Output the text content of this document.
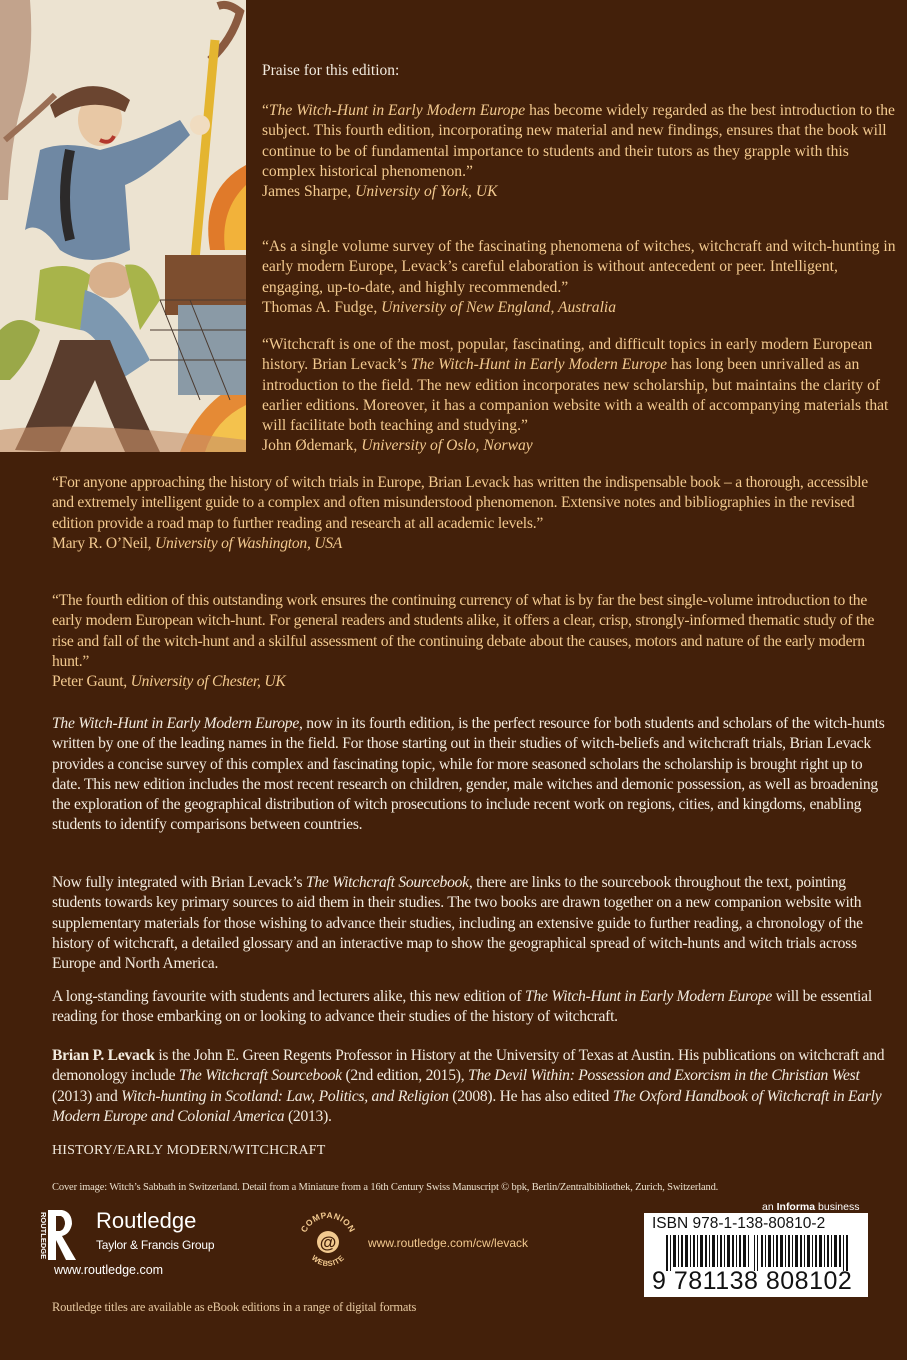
Praise for this edition:
“The Witch-Hunt in Early Modern Europe has become widely regarded as the best introduction to the subject. This fourth edition, incorporating new material and new findings, ensures that the book will continue to be of fundamental importance to students and their tutors as they grapple with this complex historical phenomenon.”
James Sharpe, University of York, UK
“As a single volume survey of the fascinating phenomena of witches, witchcraft and witch-hunting in early modern Europe, Levack’s careful elaboration is without antecedent or peer. Intelligent, engaging, up-to-date, and highly recommended.”
Thomas A. Fudge, University of New England, Australia
“Witchcraft is one of the most, popular, fascinating, and difficult topics in early modern European history. Brian Levack’s The Witch-Hunt in Early Modern Europe has long been unrivalled as an introduction to the field. The new edition incorporates new scholarship, but maintains the clarity of earlier editions. Moreover, it has a companion website with a wealth of accompanying materials that will facilitate both teaching and studying.”
John Ødemark, University of Oslo, Norway
“For anyone approaching the history of witch trials in Europe, Brian Levack has written the indispensable book – a thorough, accessible and extremely intelligent guide to a complex and often misunderstood phenomenon. Extensive notes and bibliographies in the revised edition provide a road map to further reading and research at all academic levels.”
Mary R. O’Neil, University of Washington, USA
“The fourth edition of this outstanding work ensures the continuing currency of what is by far the best single-volume introduction to the early modern European witch-hunt. For general readers and students alike, it offers a clear, crisp, strongly-informed thematic study of the rise and fall of the witch-hunt and a skilful assessment of the continuing debate about the causes, motors and nature of the early modern hunt.”
Peter Gaunt, University of Chester, UK
The Witch-Hunt in Early Modern Europe, now in its fourth edition, is the perfect resource for both students and scholars of the witch-hunts written by one of the leading names in the field. For those starting out in their studies of witch-beliefs and witchcraft trials, Brian Levack provides a concise survey of this complex and fascinating topic, while for more seasoned scholars the scholarship is brought right up to date. This new edition includes the most recent research on children, gender, male witches and demonic possession, as well as broadening the exploration of the geographical distribution of witch prosecutions to include recent work on regions, cities, and kingdoms, enabling students to identify comparisons between countries.
Now fully integrated with Brian Levack’s The Witchcraft Sourcebook, there are links to the sourcebook throughout the text, pointing students towards key primary sources to aid them in their studies. The two books are drawn together on a new companion website with supplementary materials for those wishing to advance their studies, including an extensive guide to further reading, a chronology of the history of witchcraft, a detailed glossary and an interactive map to show the geographical spread of witch-hunts and witch trials across Europe and North America.
A long-standing favourite with students and lecturers alike, this new edition of The Witch-Hunt in Early Modern Europe will be essential reading for those embarking on or looking to advance their studies of the history of witchcraft.
Brian P. Levack is the John E. Green Regents Professor in History at the University of Texas at Austin. His publications on witchcraft and demonology include The Witchcraft Sourcebook (2nd edition, 2015), The Devil Within: Possession and Exorcism in the Christian West (2013) and Witch-hunting in Scotland: Law, Politics, and Religion (2008). He has also edited The Oxford Handbook of Witchcraft in Early Modern Europe and Colonial America (2013).
HISTORY/EARLY MODERN/WITCHCRAFT
Cover image: Witch’s Sabbath in Switzerland. Detail from a Miniature from a 16th Century Swiss Manuscript © bpk, Berlin/Zentralbibliothek, Zurich, Switzerland.
ROUTLEDGE Routledge
Taylor & Francis Group
www.routledge.com
COMPANION
WEBSITE
@	www.routledge.com/cw/levack
an Informa business
ISBN 978-1-138-80810-2
9 781138 808102
Routledge titles are available as eBook editions in a range of digital formats
